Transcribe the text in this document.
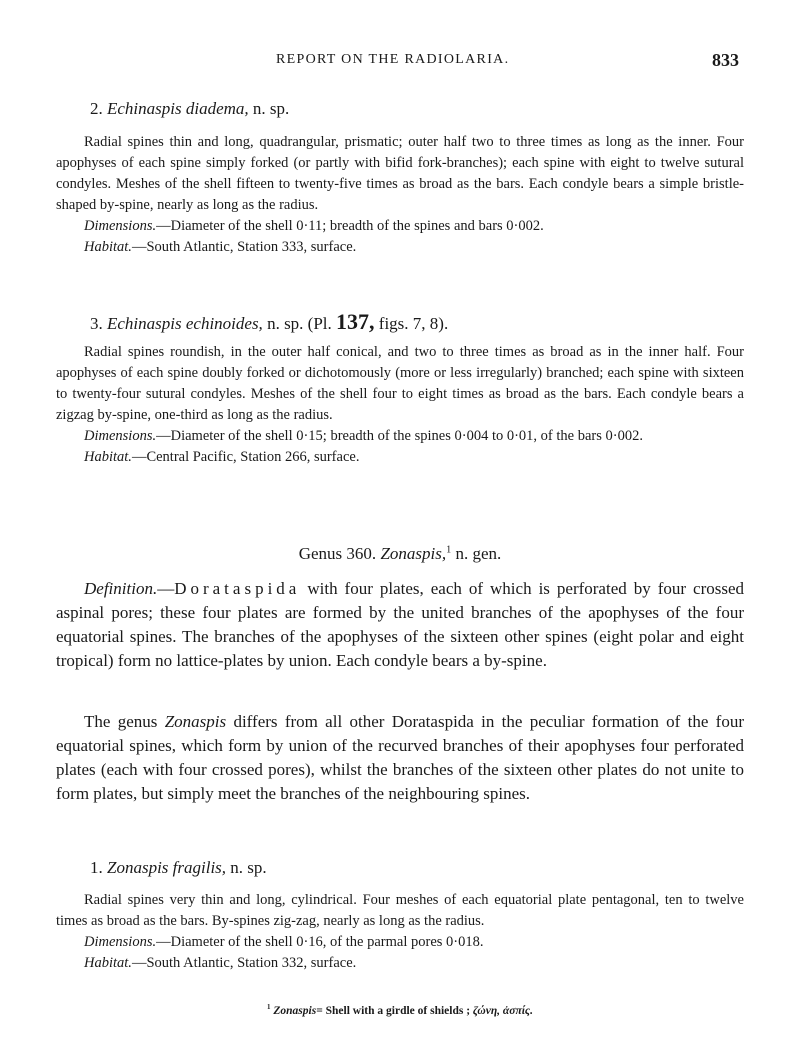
REPORT ON THE RADIOLARIA.	833
2. Echinaspis diadema, n. sp.

Radial spines thin and long, quadrangular, prismatic; outer half two to three times as long as the inner. Four apophyses of each spine simply forked (or partly with bifid fork-branches); each spine with eight to twelve sutural condyles. Meshes of the shell fifteen to twenty-five times as broad as the bars. Each condyle bears a simple bristle-shaped by-spine, nearly as long as the radius.

Dimensions.—Diameter of the shell 0·11; breadth of the spines and bars 0·002.

Habitat.—South Atlantic, Station 333, surface.

3. Echinaspis echinoides, n. sp. (Pl. 137, figs. 7, 8).

Radial spines roundish, in the outer half conical, and two to three times as broad as in the inner half. Four apophyses of each spine doubly forked or dichotomously (more or less irregularly) branched; each spine with sixteen to twenty-four sutural condyles. Meshes of the shell four to eight times as broad as the bars. Each condyle bears a zigzag by-spine, one-third as long as the radius.

Dimensions.—Diameter of the shell 0·15; breadth of the spines 0·004 to 0·01, of the bars 0·002.

Habitat.—Central Pacific, Station 266, surface.

Genus 360. Zonaspis,$^1$ n. gen.

Definition.—Dorataspida with four plates, each of which is perforated by four crossed aspinal pores; these four plates are formed by the united branches of the apophyses of the four equatorial spines. The branches of the apophyses of the sixteen other spines (eight polar and eight tropical) form no lattice-plates by union. Each condyle bears a by-spine.

The genus Zonaspis differs from all other Dorataspida in the peculiar formation of the four equatorial spines, which form by union of the recurved branches of their apophyses four perforated plates (each with four crossed pores), whilst the branches of the sixteen other plates do not unite to form plates, but simply meet the branches of the neighbouring spines.

1. Zonaspis fragilis, n. sp.

Radial spines very thin and long, cylindrical. Four meshes of each equatorial plate pentagonal, ten to twelve times as broad as the bars. By-spines zig-zag, nearly as long as the radius.

Dimensions.—Diameter of the shell 0·16, of the parmal pores 0·018.

Habitat.—South Atlantic, Station 332, surface.

$^1$ Zonaspis= Shell with a girdle of shields ; ζώνη, ἀσπίς.
